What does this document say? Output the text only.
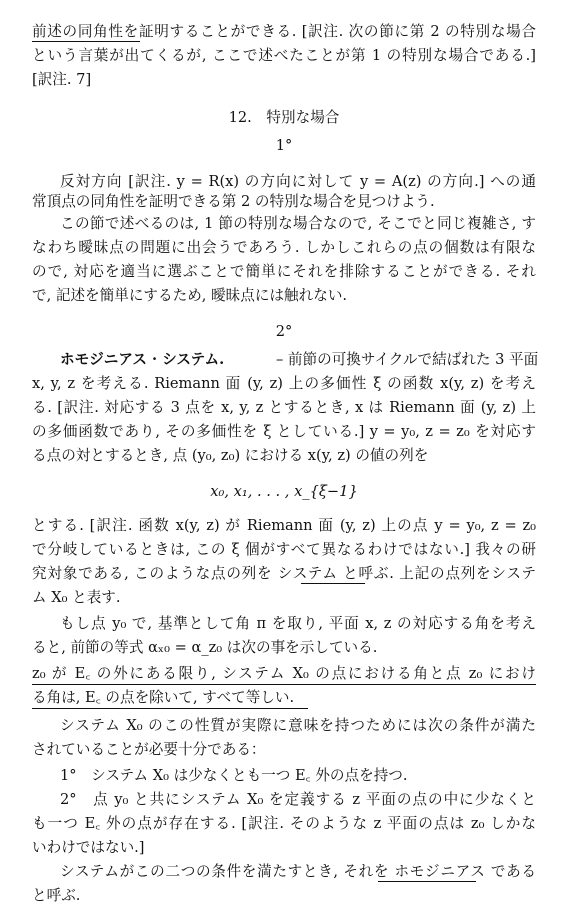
前述の同角性を証明することができる. [訳注. 次の節に第 2 の特別な場合
という言葉が出てくるが, ここで述べたことが第 1 の特別な場合である.]
[訳注. 7]
12.　特別な場合
1°
反対方向 [訳注. y = R(x) の方向に対して y = A(z) の方向.] への通
常頂点の同角性を証明できる第 2 の特別な場合を見つけよう.
この節で述べるのは, 1 節の特別な場合なので, そこでと同じ複雑さ, す
なわち曖昧点の問題に出会うであろう. しかしこれらの点の個数は有限な
ので, 対応を適当に選ぶことで簡単にそれを排除することができる. それ
で, 記述を簡単にするため, 曖昧点には触れない.
2°
ホモジニアス · システム.	– 前節の可換サイクルで結ばれた 3 平面
x, y, z を考える. Riemann 面 (y, z) 上の多価性 ξ の函数 x(y, z) を考え
る. [訳注. 対応する 3 点を x, y, z とするとき, x は Riemann 面 (y, z) 上
の多価函数であり, その多価性を ξ としている.] y = y₀, z = z₀ を対応す
る点の対とするとき, 点 (y₀, z₀) における x(y, z) の値の列を
x₀, x₁, . . . , x_{ξ−1}
とする. [訳注. 函数 x(y, z) が Riemann 面 (y, z) 上の点 y = y₀, z = z₀
で分岐しているときは, この ξ 個がすべて異なるわけではない.] 我々の研
究対象である, このような点の列を システム と呼ぶ. 上記の点列をシステ
ム X₀ と表す.
もし点 y₀ で, 基準として角 π を取り, 平面 x, z の対応する角を考え
ると, 前節の等式 αₓ₀ = α_z₀ は次の事を示している.
z₀ が E꜀ の外にある限り, システム X₀ の点における角と点 z₀ におけ
る角は, E꜀ の点を除いて, すべて等しい.
システム X₀ のこの性質が実際に意味を持つためには次の条件が満た
されていることが必要十分である：
1°　システム X₀ は少なくとも一つ E꜀ 外の点を持つ.
2°　点 y₀ と共にシステム X₀ を定義する z 平面の点の中に少なくと
も一つ E꜀ 外の点が存在する. [訳注. そのような z 平面の点は z₀ しかな
いわけではない.]
システムがこの二つの条件を満たすとき, それを ホモジニアス である
と呼ぶ.
